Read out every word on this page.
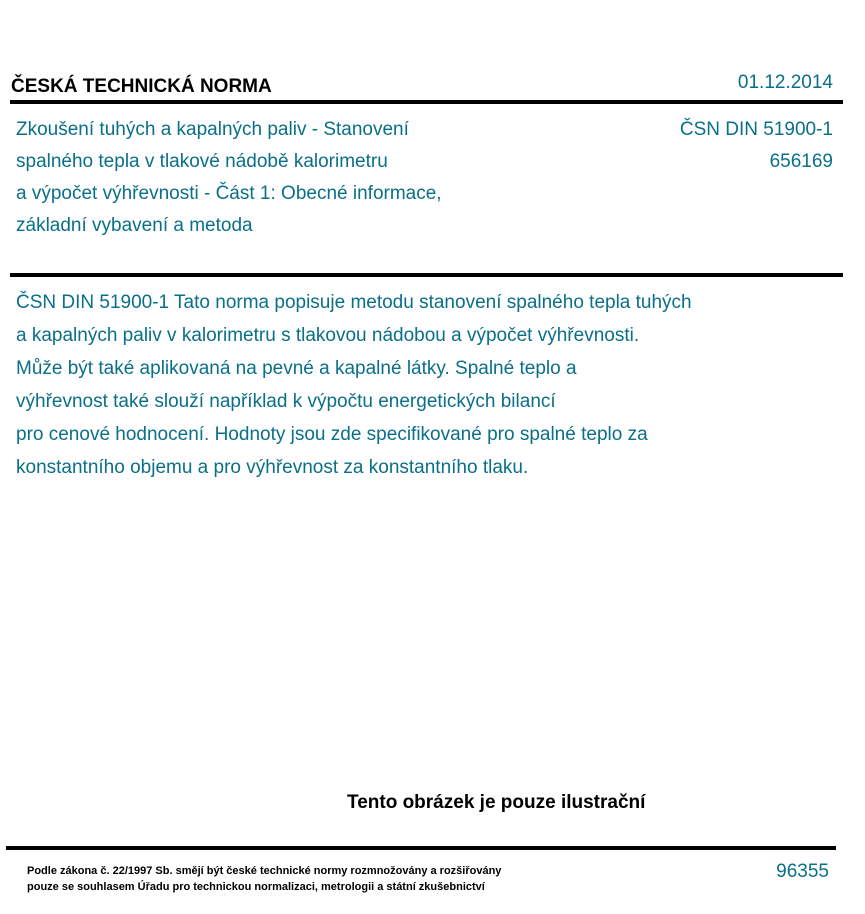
ČESKÁ TECHNICKÁ NORMA	01.12.2014
Zkoušení tuhých a kapalných paliv - Stanovení
spalného tepla v tlakové nádobě kalorimetru
a výpočet výhřevnosti - Část 1: Obecné informace,
základní vybavení a metoda
ČSN DIN 51900-1
656169
ČSN DIN 51900-1 Tato norma popisuje metodu stanovení spalného tepla tuhých
a kapalných paliv v kalorimetru s tlakovou nádobou a výpočet výhřevnosti.
Může být také aplikovaná na pevné a kapalné látky. Spalné teplo a
výhřevnost také slouží například k výpočtu energetických bilancí
pro cenové hodnocení. Hodnoty jsou zde specifikované pro spalné teplo za
konstantního objemu a pro výhřevnost za konstantního tlaku.
Tento obrázek je pouze ilustrační
Podle zákona č. 22/1997 Sb. smějí být české technické normy rozmnožovány a rozšiřovány
pouze se souhlasem Úřadu pro technickou normalizaci, metrologii a státní zkušebnictví
96355
